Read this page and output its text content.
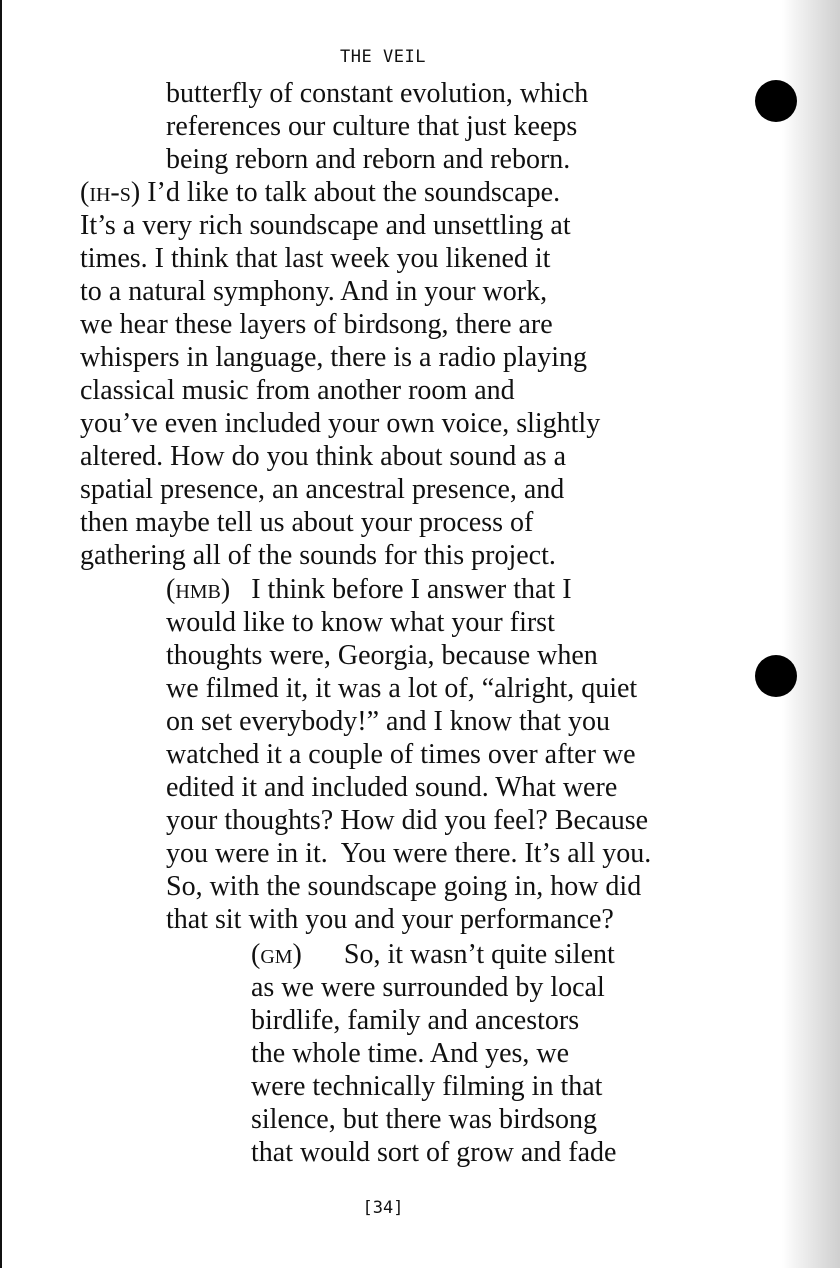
THE VEIL
butterfly of constant evolution, which
references our culture that just keeps
being reborn and reborn and reborn.
(ih-s) I’d like to talk about the soundscape.
It’s a very rich soundscape and unsettling at
times. I think that last week you likened it
to a natural symphony. And in your work,
we hear these layers of birdsong, there are
whispers in language, there is a radio playing
classical music from another room and
you’ve even included your own voice, slightly
altered. How do you think about sound as a
spatial presence, an ancestral presence, and
then maybe tell us about your process of
gathering all of the sounds for this project.
(hmb)   I think before I answer that I
would like to know what your first
thoughts were, Georgia, because when
we filmed it, it was a lot of, “alright, quiet
on set everybody!” and I know that you
watched it a couple of times over after we
edited it and included sound. What were
your thoughts? How did you feel? Because
you were in it.  You were there. It’s all you.
So, with the soundscape going in, how did
that sit with you and your performance?
(gm)      So, it wasn’t quite silent
as we were surrounded by local
birdlife, family and ancestors
the whole time. And yes, we
were technically filming in that
silence, but there was birdsong
that would sort of grow and fade
[34]
